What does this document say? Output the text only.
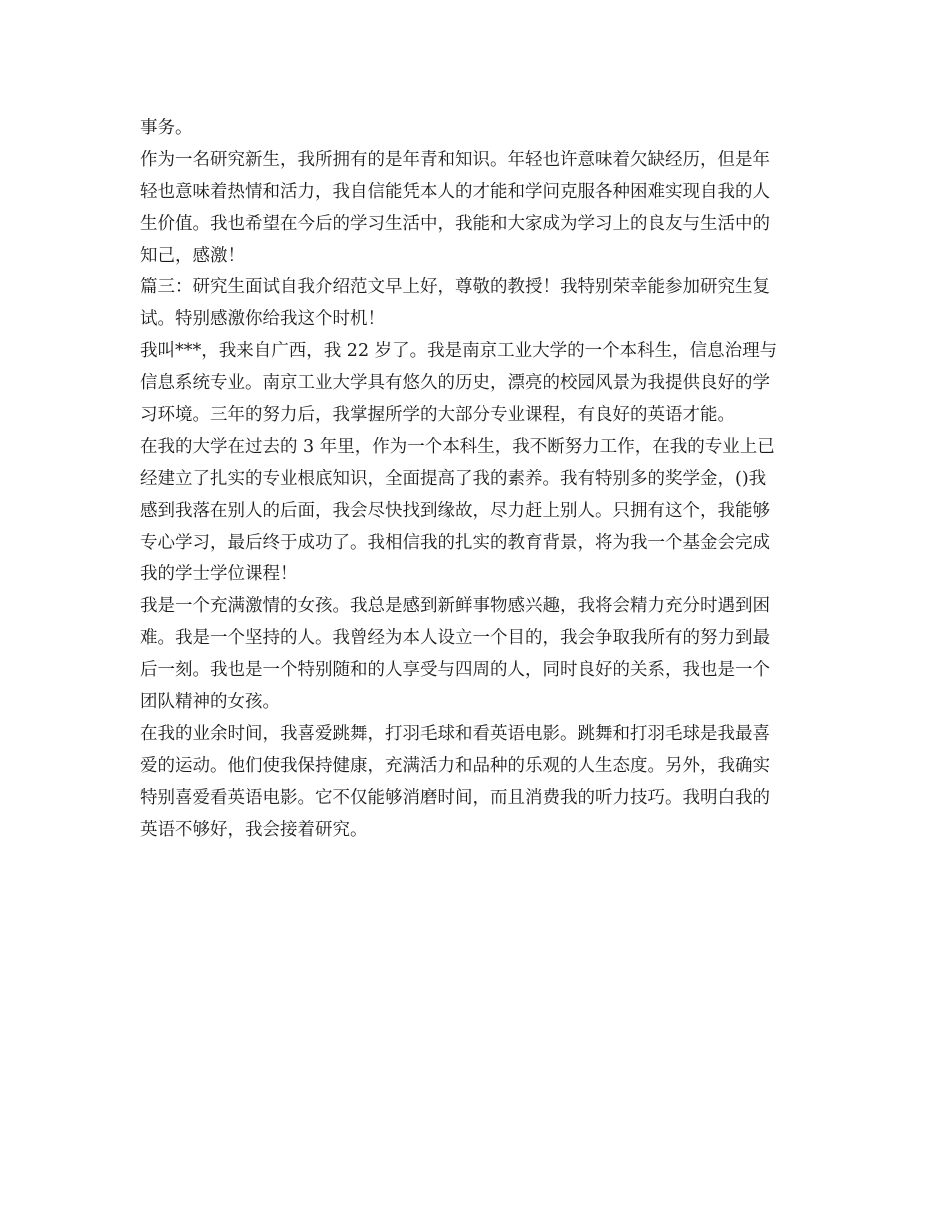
事务。
作为一名研究新生，我所拥有的是年青和知识。年轻也许意味着欠缺经历，但是年
轻也意味着热情和活力，我自信能凭本人的才能和学问克服各种困难实现自我的人
生价值。我也希望在今后的学习生活中，我能和大家成为学习上的良友与生活中的
知己，感激！
篇三：研究生面试自我介绍范文早上好，尊敬的教授！我特别荣幸能参加研究生复
试。特别感激你给我这个时机！
我叫***，我来自广西，我 22 岁了。我是南京工业大学的一个本科生，信息治理与
信息系统专业。南京工业大学具有悠久的历史，漂亮的校园风景为我提供良好的学
习环境。三年的努力后，我掌握所学的大部分专业课程，有良好的英语才能。
在我的大学在过去的 3 年里，作为一个本科生，我不断努力工作，在我的专业上已
经建立了扎实的专业根底知识，全面提高了我的素养。我有特别多的奖学金，()我
感到我落在别人的后面，我会尽快找到缘故，尽力赶上别人。只拥有这个，我能够
专心学习，最后终于成功了。我相信我的扎实的教育背景，将为我一个基金会完成
我的学士学位课程！
我是一个充满激情的女孩。我总是感到新鲜事物感兴趣，我将会精力充分时遇到困
难。我是一个坚持的人。我曾经为本人设立一个目的，我会争取我所有的努力到最
后一刻。我也是一个特别随和的人享受与四周的人，同时良好的关系，我也是一个
团队精神的女孩。
在我的业余时间，我喜爱跳舞，打羽毛球和看英语电影。跳舞和打羽毛球是我最喜
爱的运动。他们使我保持健康，充满活力和品种的乐观的人生态度。另外，我确实
特别喜爱看英语电影。它不仅能够消磨时间，而且消费我的听力技巧。我明白我的
英语不够好，我会接着研究。
